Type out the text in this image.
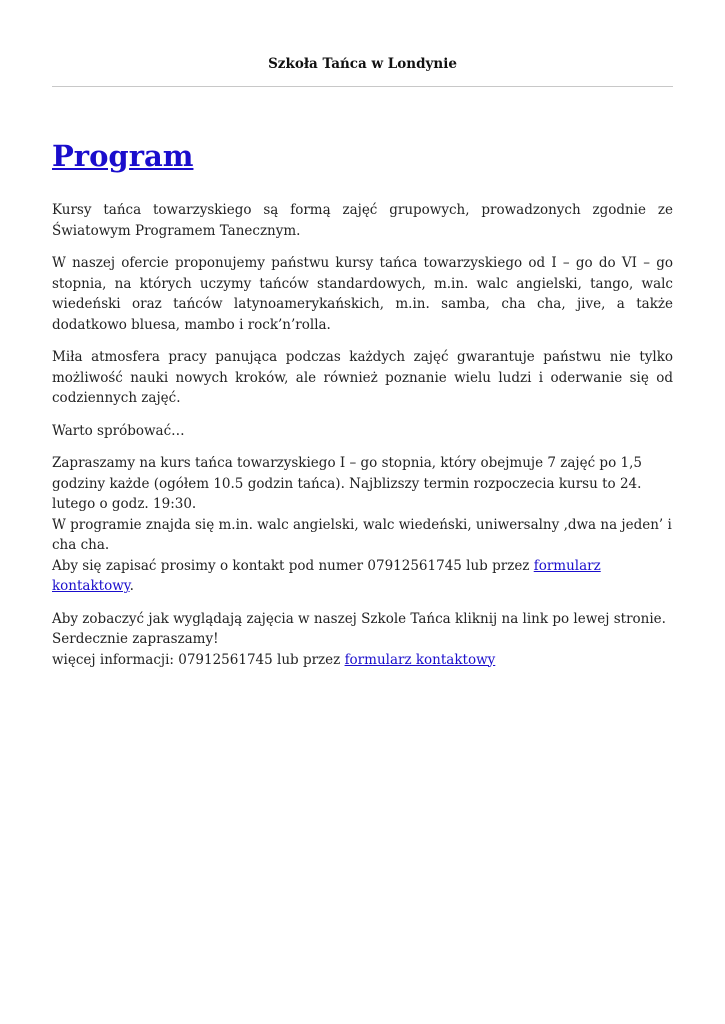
Szkoła Tańca w Londynie
Program

Kursy tańca towarzyskiego są formą zajęć grupowych, prowadzonych zgodnie ze Światowym Programem Tanecznym.

W naszej ofercie proponujemy państwu kursy tańca towarzyskiego od I – go do VI – go stopnia, na których uczymy tańców standardowych, m.in. walc angielski, tango, walc wiedeński oraz tańców latynoamerykańskich, m.in. samba, cha cha, jive, a także dodatkowo bluesa, mambo i rock’n’rolla.

Miła atmosfera pracy panująca podczas każdych zajęć gwarantuje państwu nie tylko możliwość nauki nowych kroków, ale również poznanie wielu ludzi i oderwanie się od codziennych zajęć.

Warto spróbować…

Zapraszamy na kurs tańca towarzyskiego I – go stopnia, który obejmuje 7 zajęć po 1,5 godziny każde (ogółem 10.5 godzin tańca). Najblizszy termin rozpoczecia kursu to 24. lutego o godz. 19:30.
W programie znajda się m.in. walc angielski, walc wiedeński, uniwersalny ‚dwa na jeden’ i cha cha.
Aby się zapisać prosimy o kontakt pod numer 07912561745 lub przez formularz kontaktowy.

Aby zobaczyć jak wyglądają zajęcia w naszej Szkole Tańca kliknij na link po lewej stronie.
Serdecznie zapraszamy!
więcej informacji: 07912561745 lub przez formularz kontaktowy
